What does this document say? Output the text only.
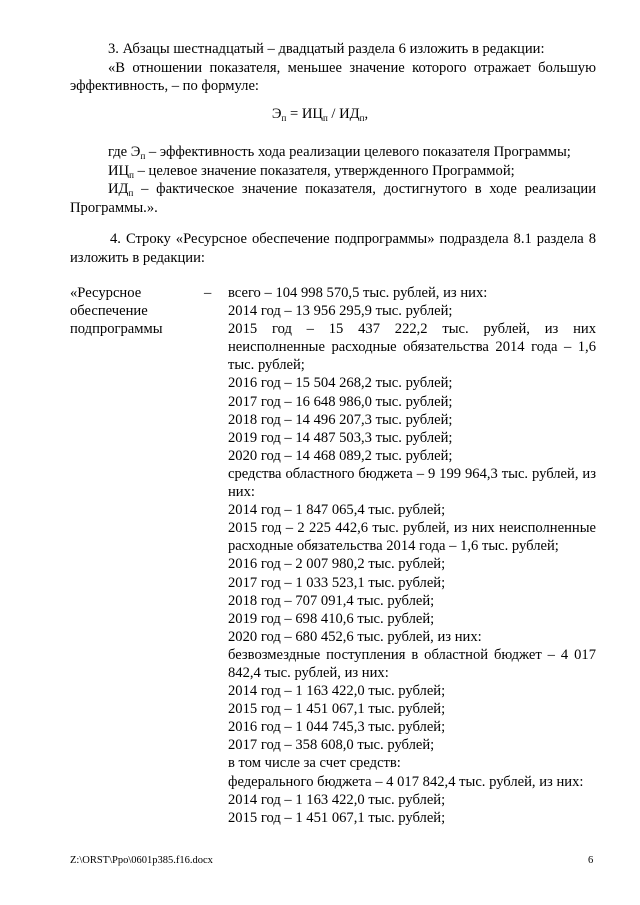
3. Абзацы шестнадцатый – двадцатый раздела 6 изложить в редакции:
«В отношении показателя, меньшее значение которого отражает большую эффективность, – по формуле:
$Э_п = ИЦ_п / ИД_п$,
где $Э_п$ – эффективность хода реализации целевого показателя Программы;
$ИЦ_п$ – целевое значение показателя, утвержденного Программой;
$ИД_п$ – фактическое значение показателя, достигнутого в ходе реализации Программы.».
4. Строку «Ресурсное обеспечение подпрограммы» подраздела 8.1 раздела 8 изложить в редакции:
«Ресурсное обеспечение подпрограммы
– всего – 104 998 570,5 тыс. рублей, из них:
2014 год – 13 956 295,9 тыс. рублей;
2015 год – 15 437 222,2 тыс. рублей, из них неисполненные расходные обязательства 2014 года – 1,6 тыс. рублей;
2016 год – 15 504 268,2 тыс. рублей;
2017 год – 16 648 986,0 тыс. рублей;
2018 год – 14 496 207,3 тыс. рублей;
2019 год – 14 487 503,3 тыс. рублей;
2020 год – 14 468 089,2 тыс. рублей;
средства областного бюджета – 9 199 964,3 тыс. рублей, из них:
2014 год – 1 847 065,4 тыс. рублей;
2015 год – 2 225 442,6 тыс. рублей, из них неисполненные расходные обязательства 2014 года – 1,6 тыс. рублей;
2016 год – 2 007 980,2 тыс. рублей;
2017 год – 1 033 523,1 тыс. рублей;
2018 год – 707 091,4 тыс. рублей;
2019 год – 698 410,6 тыс. рублей;
2020 год – 680 452,6 тыс. рублей, из них:
безвозмездные поступления в областной бюджет – 4 017 842,4 тыс. рублей, из них:
2014 год – 1 163 422,0 тыс. рублей;
2015 год – 1 451 067,1 тыс. рублей;
2016 год – 1 044 745,3 тыс. рублей;
2017 год – 358 608,0 тыс. рублей;
в том числе за счет средств:
федерального бюджета – 4 017 842,4 тыс. рублей, из них:
2014 год – 1 163 422,0 тыс. рублей;
2015 год – 1 451 067,1 тыс. рублей;
Z:\ORST\Ppo\0601p385.f16.docx	6
